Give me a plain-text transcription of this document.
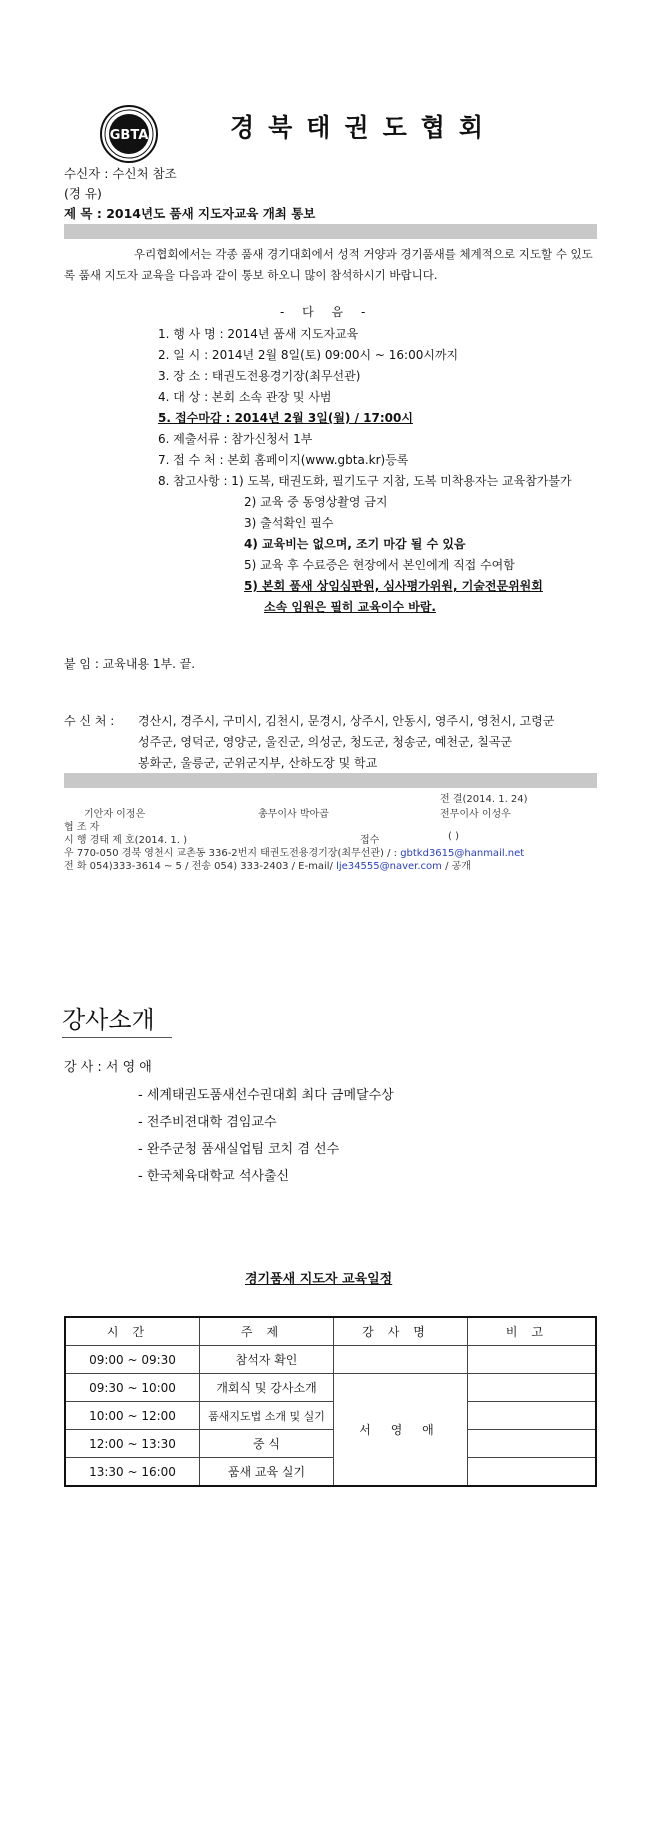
GBTA	경북태권도협회
수신자 : 수신처 참조
(경 유)
제 목 : 2014년도 품새 지도자교육 개최 통보
우리협회에서는 각종 품새 경기대회에서 성적 거양과 경기품새를 체계적으로 지도할 수 있도록 품새 지도자 교육을 다음과 같이 통보 하오니 많이 참석하시기 바랍니다.
- 다 음 -
1. 행 사 명 : 2014년 품새 지도자교육
2. 일 시 : 2014년 2월 8일(토) 09:00시 ~ 16:00시까지
3. 장 소 : 태권도전용경기장(최무선관)
4. 대 상 : 본회 소속 관장 및 사범
5. 접수마감 : 2014년 2월 3일(월) / 17:00시
6. 제출서류 : 참가신청서 1부
7. 접 수 처 : 본회 홈페이지(www.gbta.kr)등록
8. 참고사항 : 1) 도복, 태권도화, 필기도구 지참, 도복 미착용자는 교육참가불가
2) 교육 중 동영상촬영 금지
3) 출석확인 필수
4) 교육비는 없으며, 조기 마감 될 수 있음
5) 교육 후 수료증은 현장에서 본인에게 직접 수여함
5) 본회 품새 상임심판원, 심사평가위원, 기술전문위원회
소속 임원은 필히 교육이수 바람.
붙 임 : 교육내용 1부. 끝.
수 신 처 : 경산시, 경주시, 구미시, 김천시, 문경시, 상주시, 안동시, 영주시, 영천시, 고령군
성주군, 영덕군, 영양군, 울진군, 의성군, 청도군, 청송군, 예천군, 칠곡군
봉화군, 울릉군, 군위군지부, 산하도장 및 학교
전 결(2014. 1. 24)
기안자 이정은	총무이사 박아곱	전무이사 이성우
협 조 자
시 행 경태 제 호(2014. 1. )	접수	( )
우 770-050 경북 영천시 교촌동 336-2번지 태권도전용경기장(최무선관) / : gbtkd3615@hanmail.net
전 화 054)333-3614 ~ 5 / 전송 054) 333-2403 / E-mail/ lje34555@naver.com / 공개
강사소개
강 사 : 서 영 애
- 세계태권도품새선수권대회 최다 금메달수상
- 전주비젼대학 겸임교수
- 완주군청 품새실업팀 코치 겸 선수
- 한국체육대학교 석사출신
경기품새 지도자 교육일정
시간	주제	강사명	비고
09:00 ~ 09:30	참석자 확인		
09:30 ~ 10:00	개회식 및 강사소개	서 영 애	
10:00 ~ 12:00	품새지도법 소개 및 실기		
12:00 ~ 13:30	중 식		
13:30 ~ 16:00	품새 교육 실기		
